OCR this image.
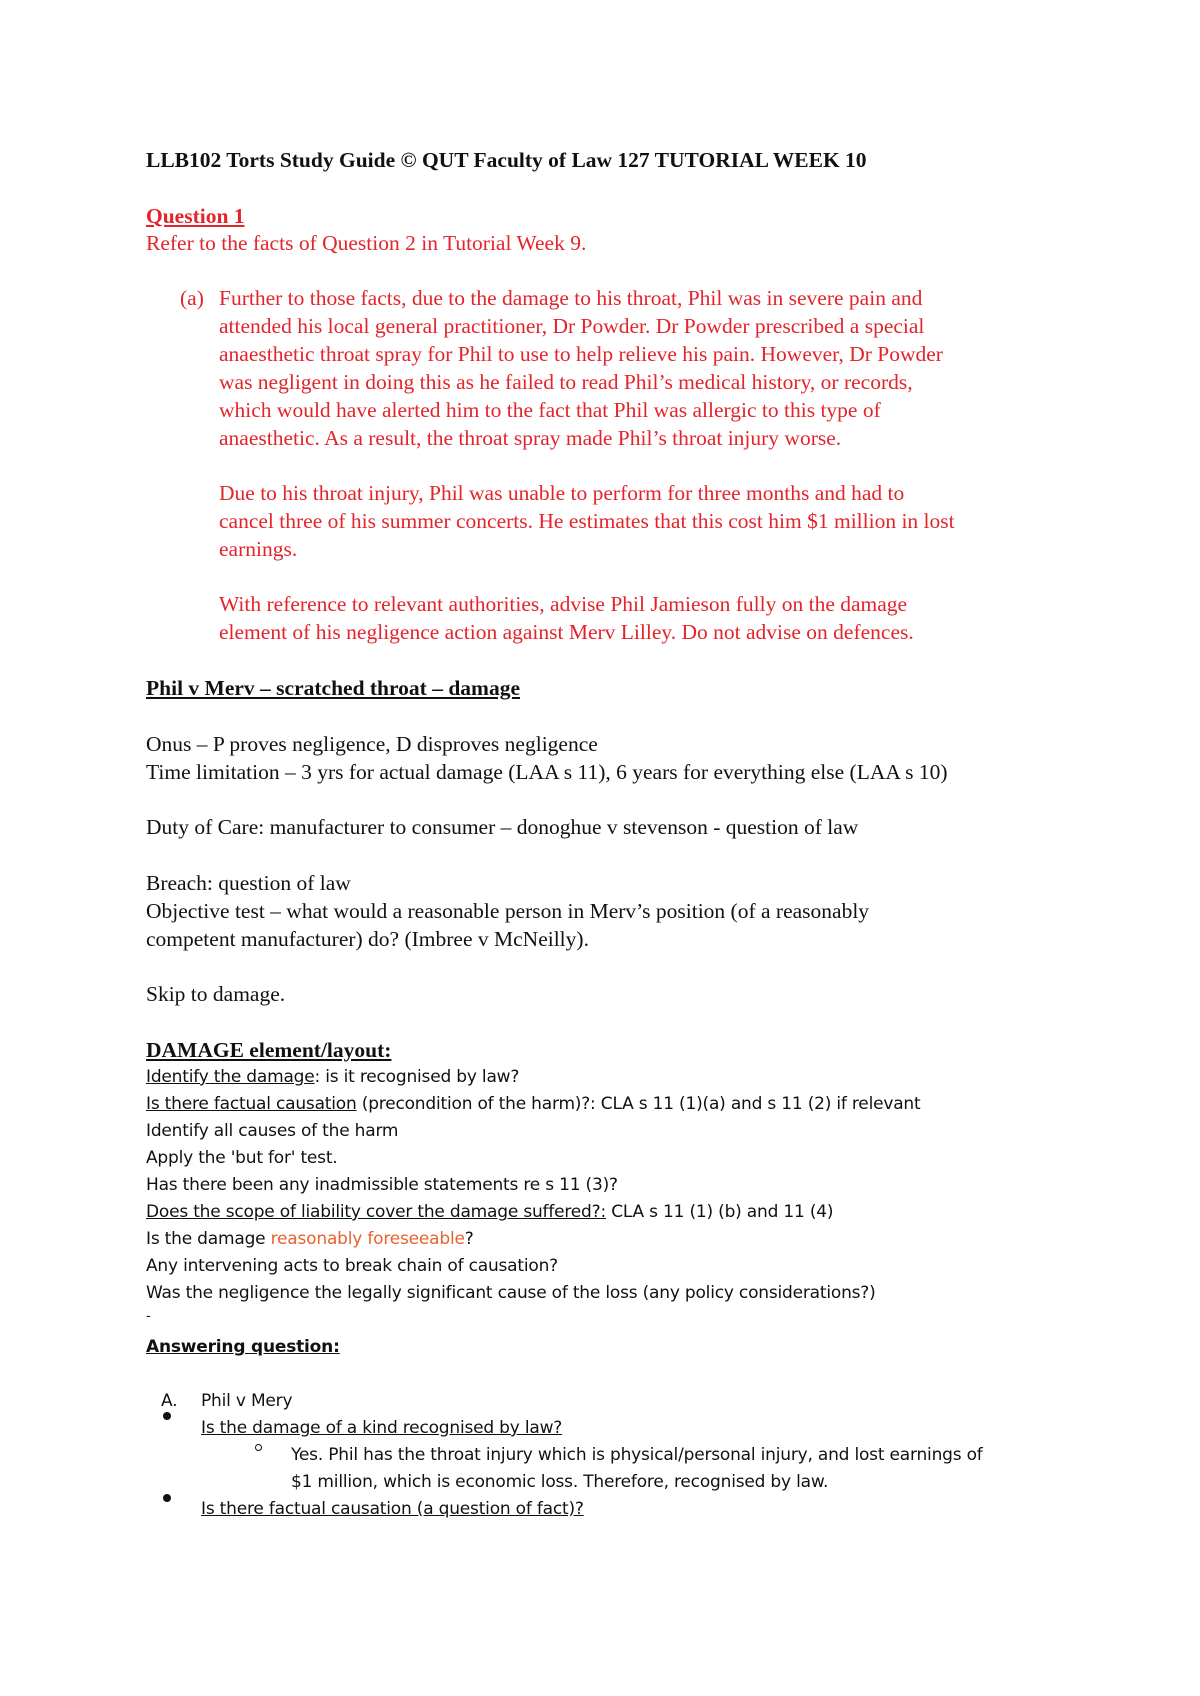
LLB102 Torts Study Guide © QUT Faculty of Law 127 TUTORIAL WEEK 10
Question 1
Refer to the facts of Question 2 in Tutorial Week 9.
(a) Further to those facts, due to the damage to his throat, Phil was in severe pain and
attended his local general practitioner, Dr Powder. Dr Powder prescribed a special
anaesthetic throat spray for Phil to use to help relieve his pain. However, Dr Powder
was negligent in doing this as he failed to read Phil’s medical history, or records,
which would have alerted him to the fact that Phil was allergic to this type of
anaesthetic. As a result, the throat spray made Phil’s throat injury worse.
Due to his throat injury, Phil was unable to perform for three months and had to
cancel three of his summer concerts. He estimates that this cost him $1 million in lost
earnings.
With reference to relevant authorities, advise Phil Jamieson fully on the damage
element of his negligence action against Merv Lilley. Do not advise on defences.
Phil v Merv – scratched throat – damage
Onus – P proves negligence, D disproves negligence
Time limitation – 3 yrs for actual damage (LAA s 11), 6 years for everything else (LAA s 10)
Duty of Care: manufacturer to consumer – donoghue v stevenson - question of law
Breach: question of law
Objective test – what would a reasonable person in Merv’s position (of a reasonably
competent manufacturer) do? (Imbree v McNeilly).
Skip to damage.
DAMAGE element/layout:
Identify the damage: is it recognised by law?
Is there factual causation (precondition of the harm)?: CLA s 11 (1)(a) and s 11 (2) if relevant
Identify all causes of the harm
Apply the 'but for' test.
Has there been any inadmissible statements re s 11 (3)?
Does the scope of liability cover the damage suffered?: CLA s 11 (1) (b) and 11 (4)
Is the damage reasonably foreseeable?
Any intervening acts to break chain of causation?
Was the negligence the legally significant cause of the loss (any policy considerations?)
-
Answering question:
A. Phil v Mery
Is the damage of a kind recognised by law?
Yes. Phil has the throat injury which is physical/personal injury, and lost earnings of
$1 million, which is economic loss. Therefore, recognised by law.
Is there factual causation (a question of fact)?
